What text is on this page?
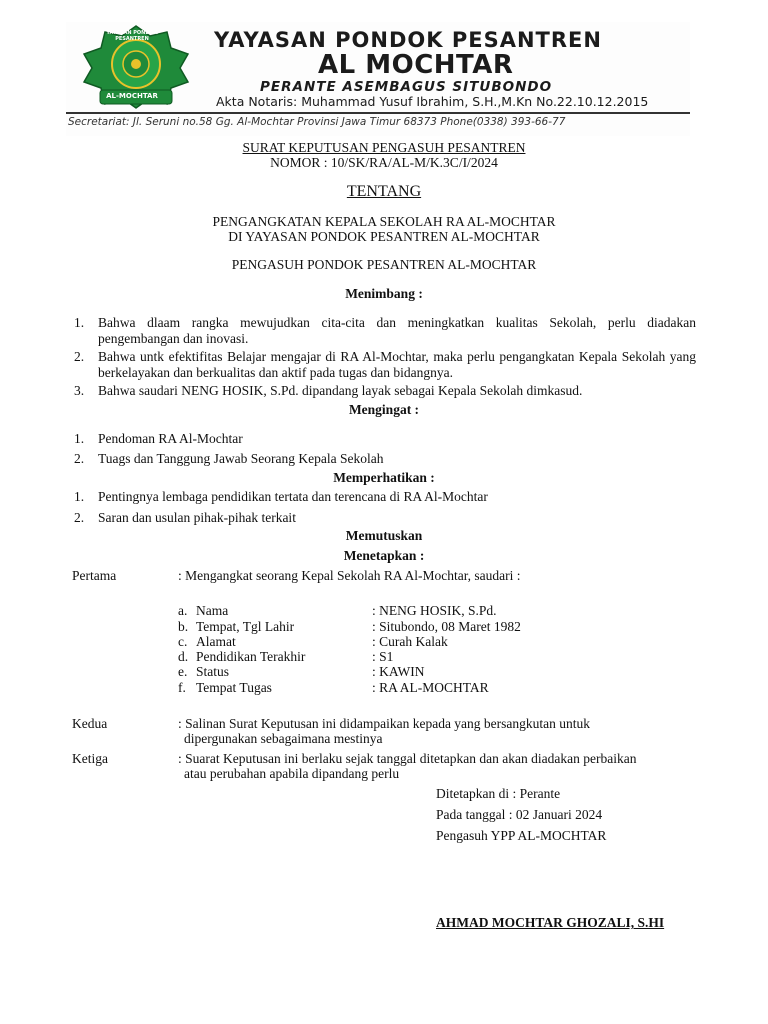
YAYASAN PONDOK PESANTREN
AL-MOCHTAR
YAYASAN PONDOK PESANTREN
AL MOCHTAR
PERANTE ASEMBAGUS SITUBONDO
Akta Notaris: Muhammad Yusuf Ibrahim, S.H.,M.Kn No.22.10.12.2015
Secretariat: Jl. Seruni no.58 Gg. Al-Mochtar Provinsi Jawa Timur 68373 Phone(0338) 393-66-77
SURAT KEPUTUSAN PENGASUH PESANTREN
NOMOR : 10/SK/RA/AL-M/K.3C/I/2024
TENTANG
PENGANGKATAN KEPALA SEKOLAH RA AL-MOCHTAR
DI YAYASAN PONDOK PESANTREN AL-MOCHTAR
PENGASUH PONDOK PESANTREN AL-MOCHTAR
Menimbang :
1.	Bahwa dlaam rangka mewujudkan cita-cita dan meningkatkan kualitas Sekolah, perlu diadakan pengembangan dan inovasi.
2.	Bahwa untk efektifitas Belajar mengajar di RA Al-Mochtar, maka perlu pengangkatan Kepala Sekolah yang berkelayakan dan berkualitas dan aktif pada tugas dan bidangnya.
3.	Bahwa saudari NENG HOSIK, S.Pd. dipandang layak sebagai Kepala Sekolah dimkasud.
Mengingat :
1.	Pendoman RA Al-Mochtar
2.	Tuags dan Tanggung Jawab Seorang Kepala Sekolah
Memperhatikan :
1.	Pentingnya lembaga pendidikan tertata dan terencana di RA Al-Mochtar
2.	Saran dan usulan pihak-pihak terkait
Memutuskan
Menetapkan :
Pertama	: Mengangkat seorang Kepal Sekolah RA Al-Mochtar, saudari :
a. Nama	: NENG HOSIK, S.Pd.
b. Tempat, Tgl Lahir	: Situbondo, 08 Maret 1982
c. Alamat	: Curah Kalak
d. Pendidikan Terakhir	: S1
e. Status	: KAWIN
f. Tempat Tugas	: RA AL-MOCHTAR
Kedua	: Salinan Surat Keputusan ini didampaikan kepada yang bersangkutan untuk
dipergunakan sebagaimana mestinya
Ketiga	: Suarat Keputusan ini berlaku sejak tanggal ditetapkan dan akan diadakan perbaikan
atau perubahan apabila dipandang perlu
Ditetapkan di : Perante
Pada tanggal : 02 Januari 2024
Pengasuh YPP AL-MOCHTAR
AHMAD MOCHTAR GHOZALI, S.HI
